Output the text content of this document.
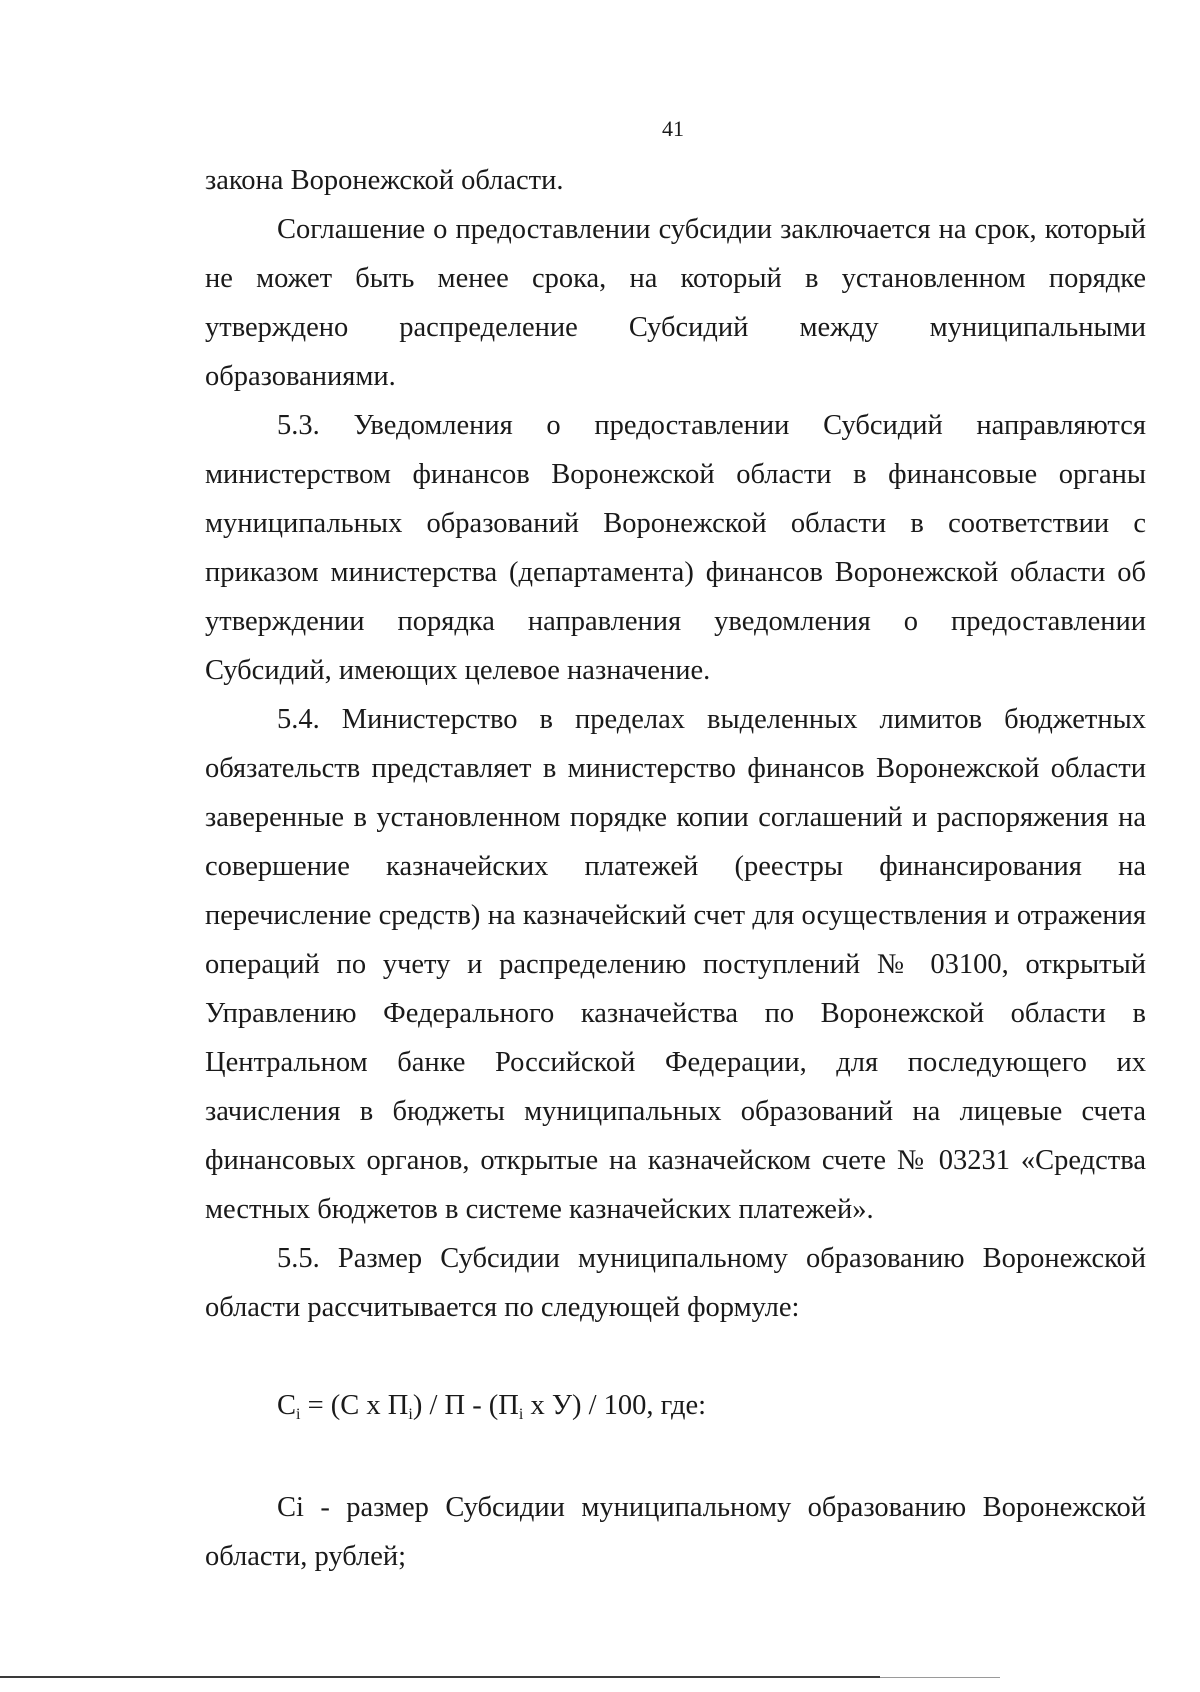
41

закона Воронежской области.

Соглашение о предоставлении субсидии заключается на срок, который не может быть менее срока, на который в установленном порядке утверждено распределение Субсидий между муниципальными образованиями.

5.3. Уведомления о предоставлении Субсидий направляются министерством финансов Воронежской области в финансовые органы муниципальных образований Воронежской области в соответствии с приказом министерства (департамента) финансов Воронежской области об утверждении порядка направления уведомления о предоставлении Субсидий, имеющих целевое назначение.

5.4. Министерство в пределах выделенных лимитов бюджетных обязательств представляет в министерство финансов Воронежской области заверенные в установленном порядке копии соглашений и распоряжения на совершение казначейских платежей (реестры финансирования на перечисление средств) на казначейский счет для осуществления и отражения операций по учету и распределению поступлений № 03100, открытый Управлению Федерального казначейства по Воронежской области в Центральном банке Российской Федерации, для последующего их зачисления в бюджеты муниципальных образований на лицевые счета финансовых органов, открытые на казначейском счете № 03231 «Средства местных бюджетов в системе казначейских платежей».

5.5. Размер Субсидии муниципальному образованию Воронежской области рассчитывается по следующей формуле:

$C_i = (С$ х $П_i$) / П - ($П_i$ х У) / 100, где:

Ci - размер Субсидии муниципальному образованию Воронежской области, рублей;
